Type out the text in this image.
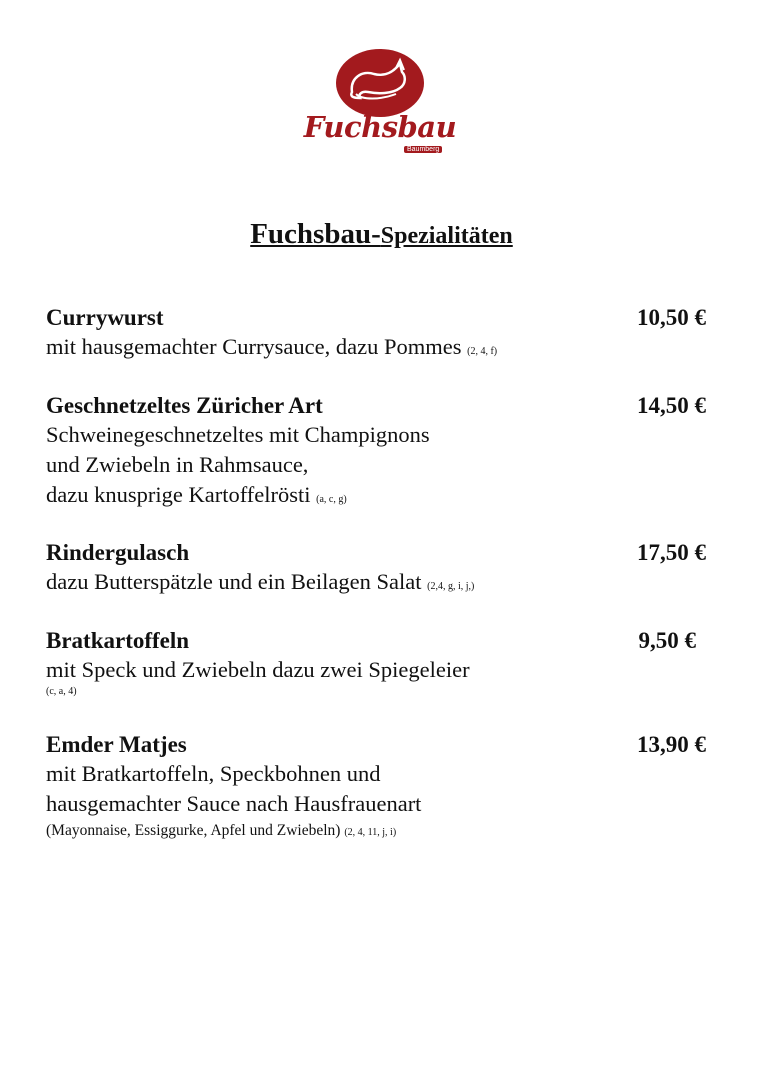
Fuchsbau
Baumberg
Fuchsbau-Spezialitäten
Currywurst	10,50 €
mit hausgemachter Currysauce, dazu Pommes (2, 4, f)
Geschnetzeltes Züricher Art	14,50 €
Schweinegeschnetzeltes mit Champignons
und Zwiebeln in Rahmsauce,
dazu knusprige Kartoffelrösti (a, c, g)
Rindergulasch	17,50 €
dazu Butterspätzle und ein Beilagen Salat (2,4, g, i, j,)
Bratkartoffeln	9,50 €
mit Speck und Zwiebeln dazu zwei Spiegeleier
(c, a, 4)
Emder Matjes	13,90 €
mit Bratkartoffeln, Speckbohnen und
hausgemachter Sauce nach Hausfrauenart
(Mayonnaise, Essiggurke, Apfel und Zwiebeln) (2, 4, 11, j, i)
